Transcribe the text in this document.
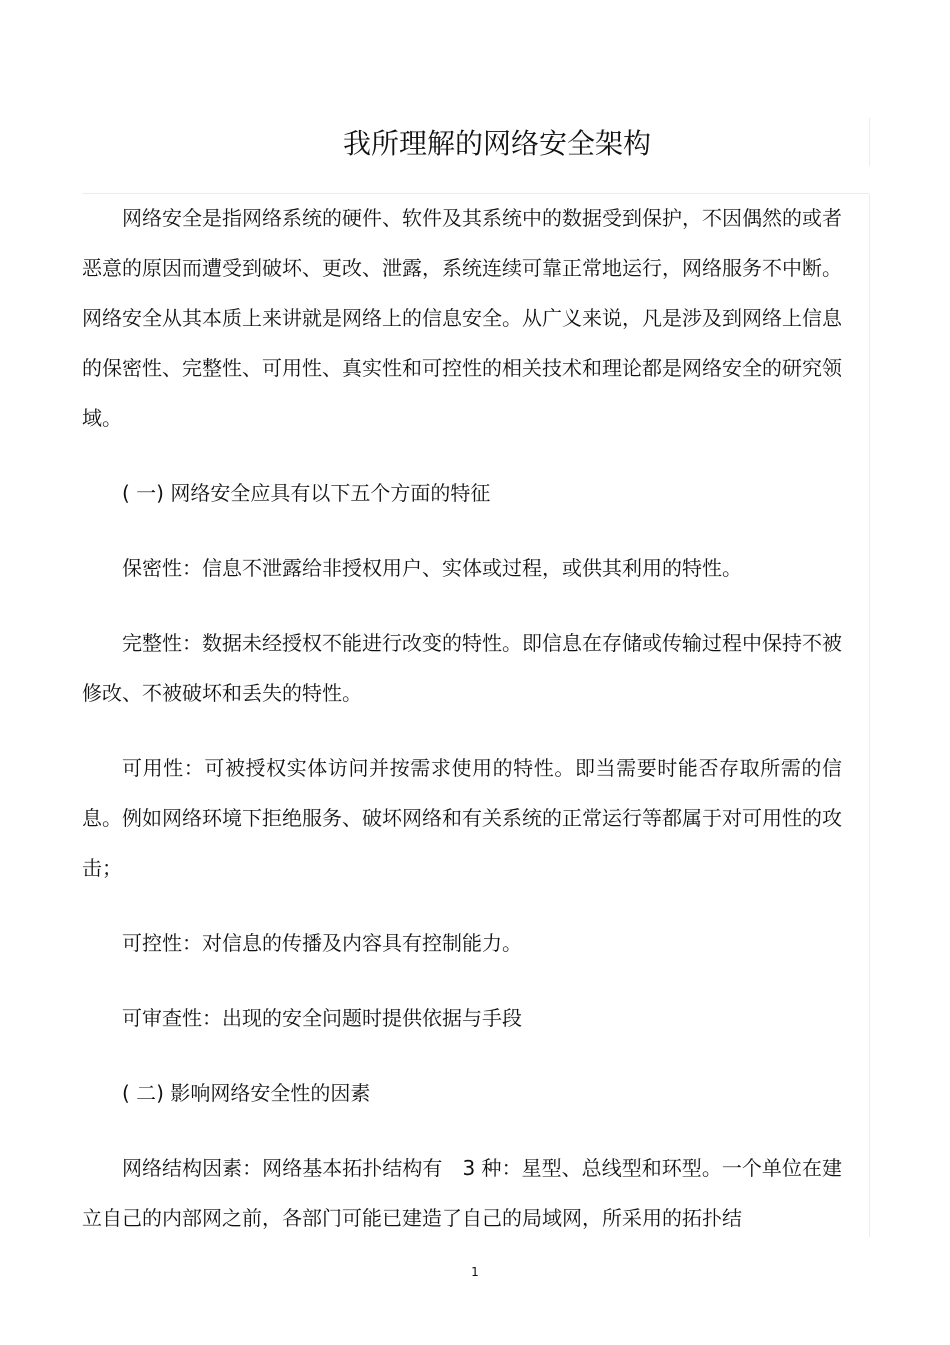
我所理解的网络安全架构

网络安全是指网络系统的硬件、软件及其系统中的数据受到保护，不因偶然的或者恶意的原因而遭受到破坏、更改、泄露，系统连续可靠正常地运行，网络服务不中断。网络安全从其本质上来讲就是网络上的信息安全。从广义来说，凡是涉及到网络上信息的保密性、完整性、可用性、真实性和可控性的相关技术和理论都是网络安全的研究领域。

( 一) 网络安全应具有以下五个方面的特征

保密性：信息不泄露给非授权用户、实体或过程，或供其利用的特性。

完整性：数据未经授权不能进行改变的特性。即信息在存储或传输过程中保持不被修改、不被破坏和丢失的特性。

可用性：可被授权实体访问并按需求使用的特性。即当需要时能否存取所需的信息。例如网络环境下拒绝服务、破坏网络和有关系统的正常运行等都属于对可用性的攻击；

可控性：对信息的传播及内容具有控制能力。

可审查性：出现的安全问题时提供依据与手段

( 二) 影响网络安全性的因素

网络结构因素：网络基本拓扑结构有　3 种：星型、总线型和环型。一个单位在建立自己的内部网之前，各部门可能已建造了自己的局域网，所采用的拓扑结

1
